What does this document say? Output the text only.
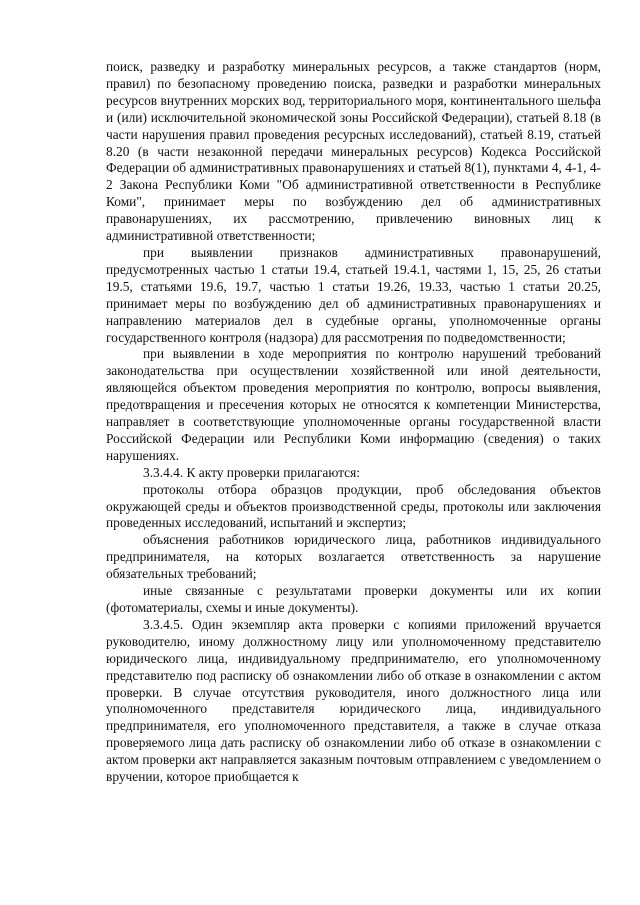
поиск, разведку и разработку минеральных ресурсов, а также стандартов (норм, правил) по безопасному проведению поиска, разведки и разработки минеральных ресурсов внутренних морских вод, территориального моря, континентального шельфа и (или) исключительной экономической зоны Российской Федерации), статьей 8.18 (в части нарушения правил проведения ресурсных исследований), статьей 8.19, статьей 8.20 (в части незаконной передачи минеральных ресурсов) Кодекса Российской Федерации об административных правонарушениях и статьей 8(1), пунктами 4, 4-1, 4-2 Закона Республики Коми "Об административной ответственности в Республике Коми", принимает меры по возбуждению дел об административных правонарушениях, их рассмотрению, привлечению виновных лиц к административной ответственности;

при выявлении признаков административных правонарушений, предусмотренных частью 1 статьи 19.4, статьей 19.4.1, частями 1, 15, 25, 26 статьи 19.5, статьями 19.6, 19.7, частью 1 статьи 19.26, 19.33, частью 1 статьи 20.25, принимает меры по возбуждению дел об административных правонарушениях и направлению материалов дел в судебные органы, уполномоченные органы государственного контроля (надзора) для рассмотрения по подведомственности;

при выявлении в ходе мероприятия по контролю нарушений требований законодательства при осуществлении хозяйственной или иной деятельности, являющейся объектом проведения мероприятия по контролю, вопросы выявления, предотвращения и пресечения которых не относятся к компетенции Министерства, направляет в соответствующие уполномоченные органы государственной власти Российской Федерации или Республики Коми информацию (сведения) о таких нарушениях.

3.3.4.4. К акту проверки прилагаются:

протоколы отбора образцов продукции, проб обследования объектов окружающей среды и объектов производственной среды, протоколы или заключения проведенных исследований, испытаний и экспертиз;

объяснения работников юридического лица, работников индивидуального предпринимателя, на которых возлагается ответственность за нарушение обязательных требований;

иные связанные с результатами проверки документы или их копии (фотоматериалы, схемы и иные документы).

3.3.4.5. Один экземпляр акта проверки с копиями приложений вручается руководителю, иному должностному лицу или уполномоченному представителю юридического лица, индивидуальному предпринимателю, его уполномоченному представителю под расписку об ознакомлении либо об отказе в ознакомлении с актом проверки. В случае отсутствия руководителя, иного должностного лица или уполномоченного представителя юридического лица, индивидуального предпринимателя, его уполномоченного представителя, а также в случае отказа проверяемого лица дать расписку об ознакомлении либо об отказе в ознакомлении с актом проверки акт направляется заказным почтовым отправлением с уведомлением о вручении, которое приобщается к
